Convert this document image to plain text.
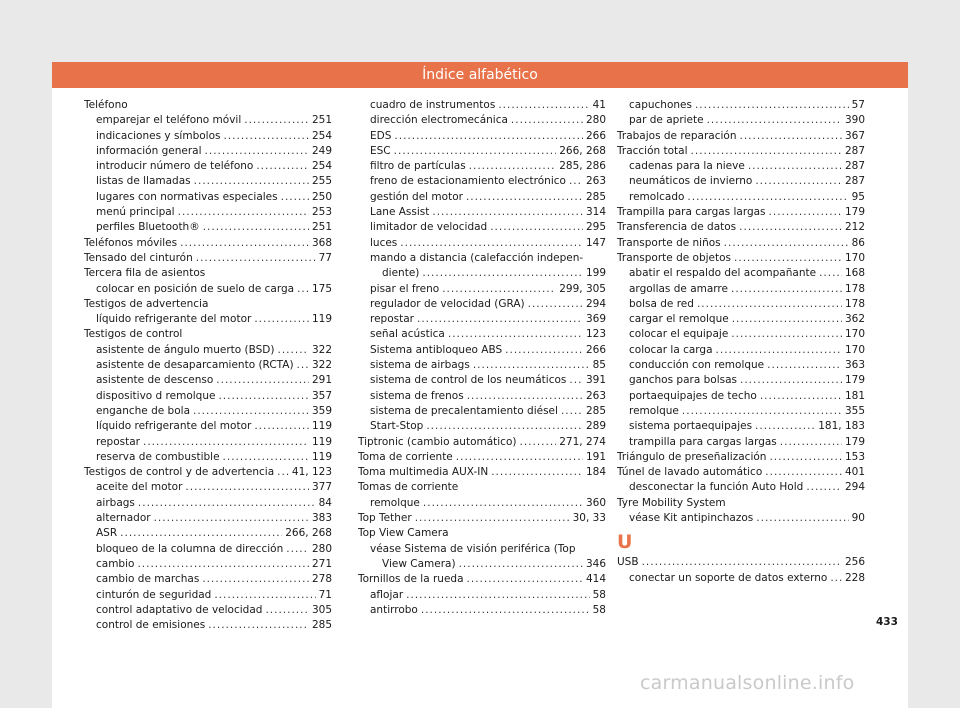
Índice alfabético
Teléfono
emparejar el teléfono móvil .....	251
indicaciones y símbolos .....	254
información general .....	249
introducir número de teléfono .....	254
listas de llamadas .....	255
lugares con normativas especiales .....	250
menú principal .....	253
perfiles Bluetooth® .....	251
Teléfonos móviles .....	368
Tensado del cinturón .....	77
Tercera fila de asientos
colocar en posición de suelo de carga ..... 175
Testigos de advertencia
líquido refrigerante del motor .....	119
Testigos de control
asistente de ángulo muerto (BSD) .....	322
asistente de desaparcamiento (RCTA) ..... 322
asistente de descenso .....	291
dispositivo d remolque .....	357
enganche de bola .....	359
líquido refrigerante del motor .....	119
repostar .....	119
reserva de combustible .....	119
Testigos de control y de advertencia ..... 41, 123
aceite del motor .....	377
airbags .....	84
alternador .....	383
ASR .....	266, 268
bloqueo de la columna de dirección .....	280
cambio .....	271
cambio de marchas .....	278
cinturón de seguridad .....	71
control adaptativo de velocidad .....	305
control de emisiones .....	285
cuadro de instrumentos .....	41
dirección electromecánica .....	280
EDS .....	266
ESC .....	266, 268
filtro de partículas .....	285, 286
freno de estacionamiento electrónico ..... 263
gestión del motor .....	285
Lane Assist .....	314
limitador de velocidad .....	295
luces .....	147
mando a distancia (calefacción indepen-
diente) .....	199
pisar el freno .....	299, 305
regulador de velocidad (GRA) .....	294
repostar .....	369
señal acústica .....	123
Sistema antibloqueo ABS .....	266
sistema de airbags .....	85
sistema de control de los neumáticos ..... 391
sistema de frenos .....	263
sistema de precalentamiento diésel .....	285
Start-Stop .....	289
Tiptronic (cambio automático) .....	271, 274
Toma de corriente .....	191
Toma multimedia AUX-IN .....	184
Tomas de corriente
remolque .....	360
Top Tether .....	30, 33
Top View Camera
véase Sistema de visión periférica (Top
View Camera) .....	346
Tornillos de la rueda .....	414
aflojar .....	58
antirrobo .....	58
capuchones .....	57
par de apriete .....	390
Trabajos de reparación .....	367
Tracción total .....	287
cadenas para la nieve .....	287
neumáticos de invierno .....	287
remolcado .....	95
Trampilla para cargas largas .....	179
Transferencia de datos .....	212
Transporte de niños .....	86
Transporte de objetos .....	170
abatir el respaldo del acompañante .....	168
argollas de amarre .....	178
bolsa de red .....	178
cargar el remolque .....	362
colocar el equipaje .....	170
colocar la carga .....	170
conducción con remolque .....	363
ganchos para bolsas .....	179
portaequipajes de techo .....	181
remolque .....	355
sistema portaequipajes .....	181, 183
trampilla para cargas largas .....	179
Triángulo de preseñalización .....	153
Túnel de lavado automático .....	401
desconectar la función Auto Hold .....	294
Tyre Mobility System
véase Kit antipinchazos .....	90
U
USB .....	256
conectar un soporte de datos externo ..... 228
433
carmanualsonline.info
